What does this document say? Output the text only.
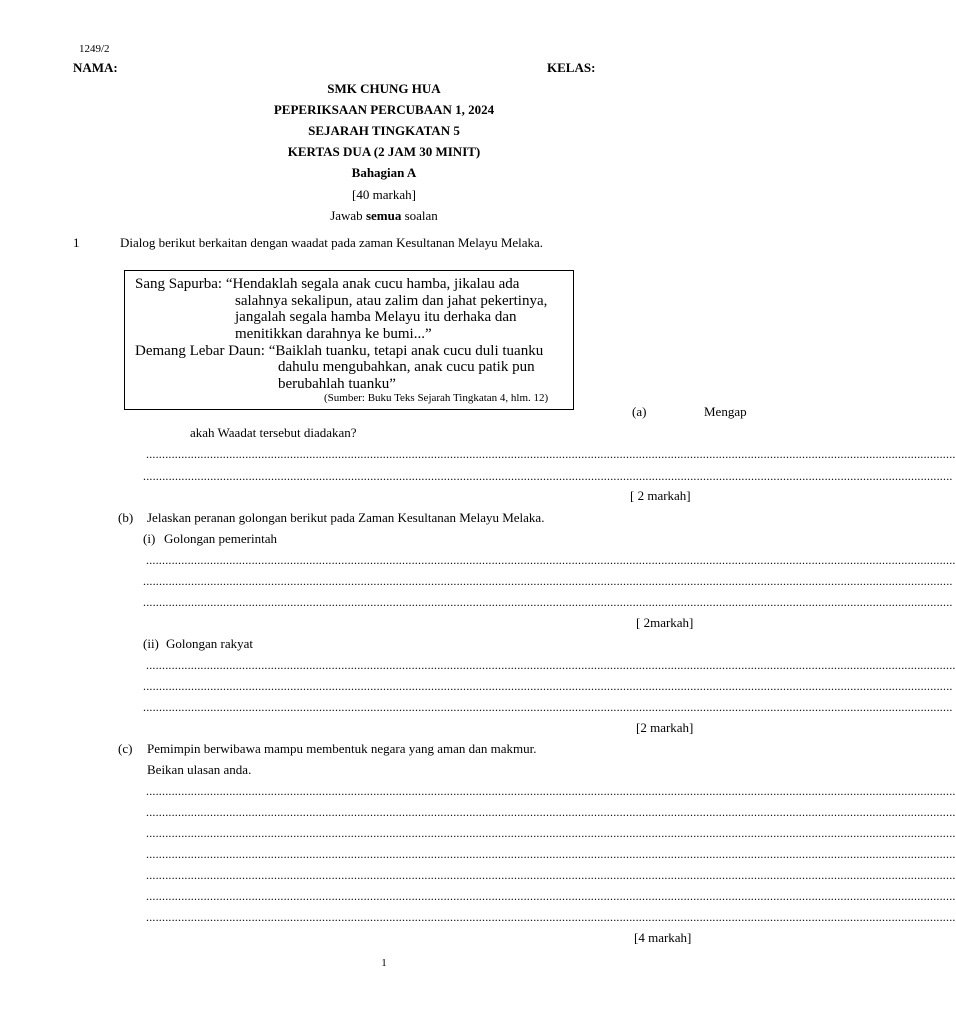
1249/2
NAMA:	KELAS:
SMK CHUNG HUA
PEPERIKSAAN PERCUBAAN 1, 2024
SEJARAH TINGKATAN 5
KERTAS DUA (2 JAM 30 MINIT)
Bahagian A
[40 markah]
Jawab semua soalan
1	Dialog berikut berkaitan dengan waadat pada zaman Kesultanan Melayu Melaka.
Sang Sapurba: “Hendaklah segala anak cucu hamba, jikalau ada
salahnya sekalipun, atau zalim dan jahat pekertinya,
jangalah segala hamba Melayu itu derhaka dan
menitikkan darahnya ke bumi...”
Demang Lebar Daun: “Baiklah tuanku, tetapi anak cucu duli tuanku
dahulu mengubahkan, anak cucu patik pun
berubahlah tuanku”
(Sumber: Buku Teks Sejarah Tingkatan 4, hlm. 12)
(a)	Mengap
akah Waadat tersebut diadakan?
.............................................................................................................................................................................................................................................................
.............................................................................................................................................................................................................................................................
[ 2 markah]
(b) Jelaskan peranan golongan berikut pada Zaman Kesultanan Melayu Melaka.
(i) Golongan pemerintah
.............................................................................................................................................................................................................................................................
.............................................................................................................................................................................................................................................................
.............................................................................................................................................................................................................................................................
[ 2markah]
(ii) Golongan rakyat
.............................................................................................................................................................................................................................................................
.............................................................................................................................................................................................................................................................
.............................................................................................................................................................................................................................................................
[2 markah]
(c) Pemimpin berwibawa mampu membentuk negara yang aman dan makmur.
Beikan ulasan anda.
.............................................................................................................................................................................................................................................................
.............................................................................................................................................................................................................................................................
.............................................................................................................................................................................................................................................................
.............................................................................................................................................................................................................................................................
.............................................................................................................................................................................................................................................................
.............................................................................................................................................................................................................................................................
.............................................................................................................................................................................................................................................................
[4 markah]
1
